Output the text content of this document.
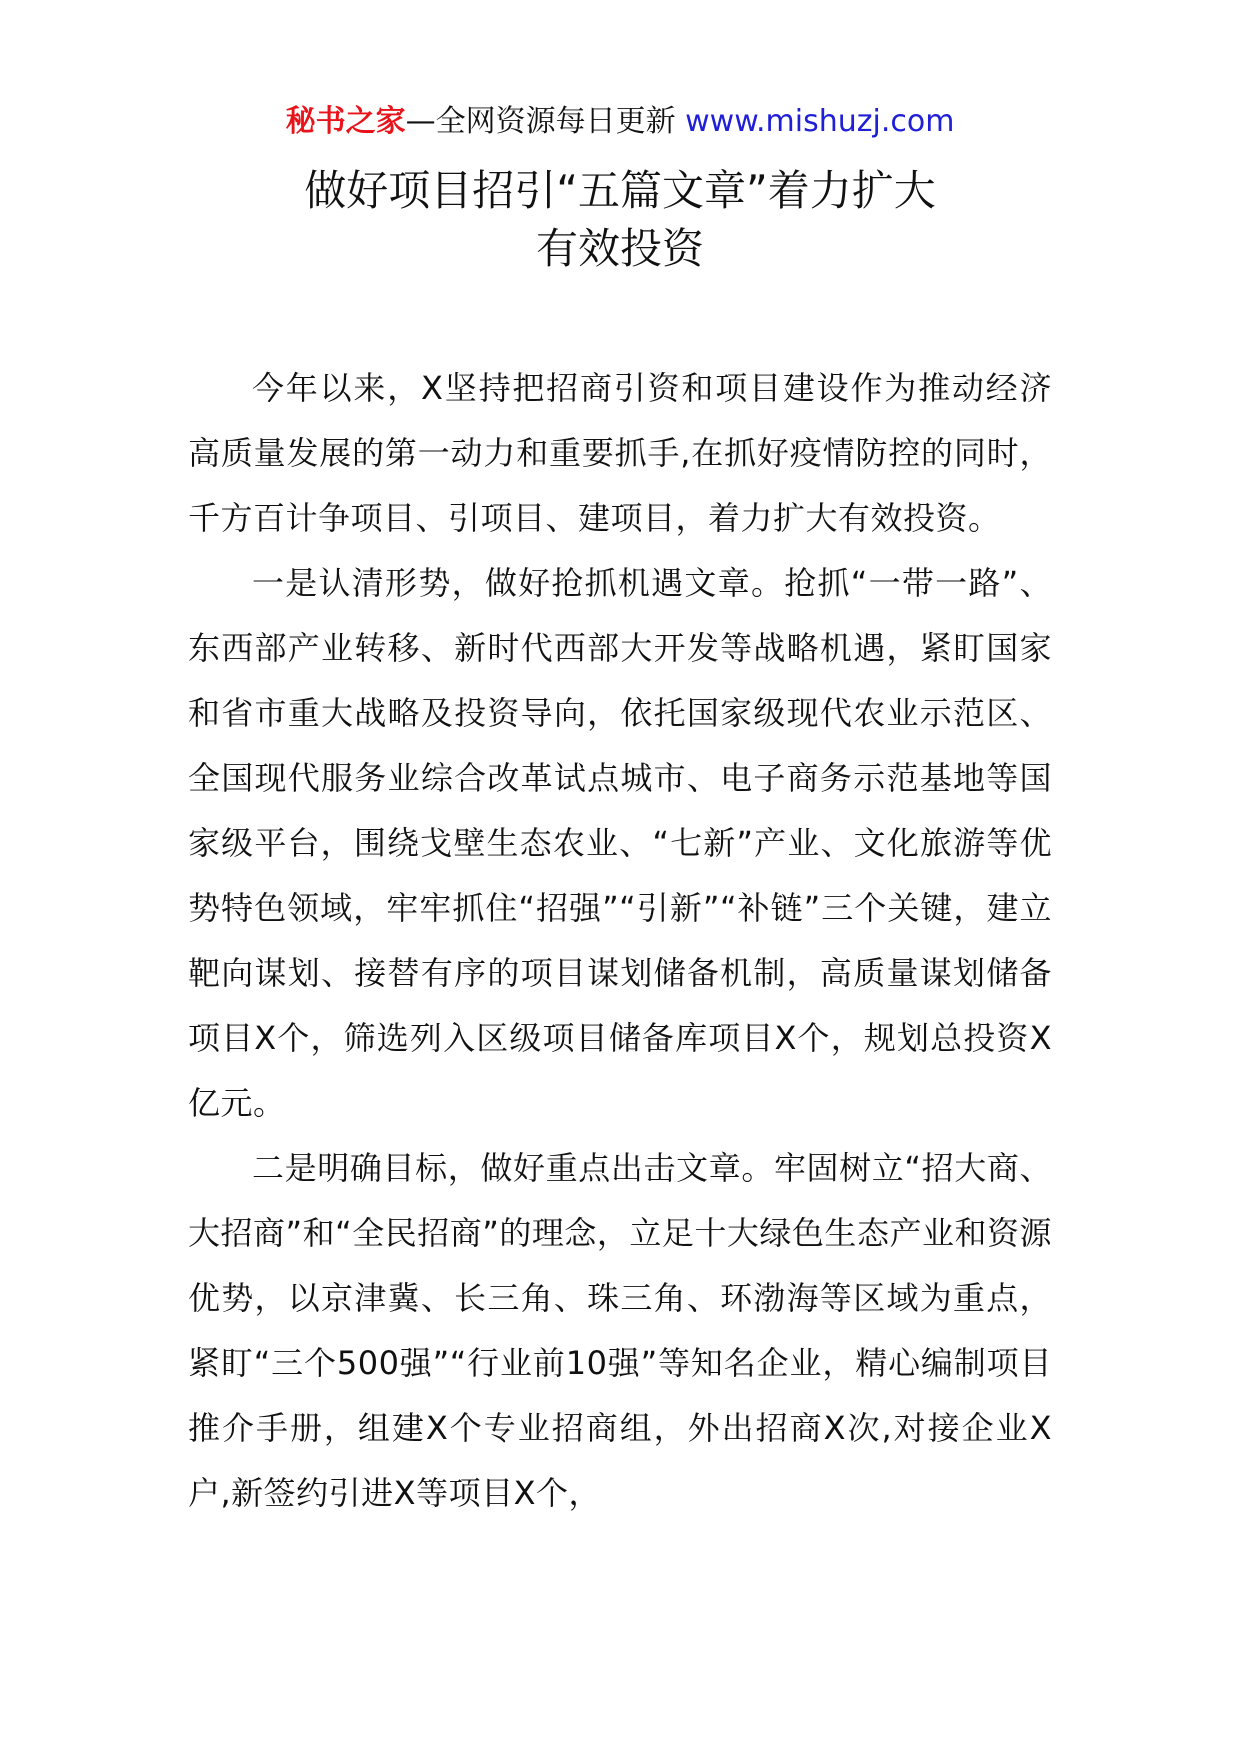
秘书之家—全网资源每日更新 www.mishuzj.com
做好项目招引“五篇文章”着力扩大
有效投资

今年以来，X坚持把招商引资和项目建设作为推动经济高质量发展的第一动力和重要抓手,在抓好疫情防控的同时，千方百计争项目、引项目、建项目，着力扩大有效投资。

一是认清形势，做好抢抓机遇文章。抢抓“一带一路”、东西部产业转移、新时代西部大开发等战略机遇，紧盯国家和省市重大战略及投资导向，依托国家级现代农业示范区、全国现代服务业综合改革试点城市、电子商务示范基地等国家级平台，围绕戈壁生态农业、“七新”产业、文化旅游等优势特色领域，牢牢抓住“招强”“引新”“补链”三个关键，建立靶向谋划、接替有序的项目谋划储备机制，高质量谋划储备项目X个，筛选列入区级项目储备库项目X个，规划总投资X亿元。

二是明确目标，做好重点出击文章。牢固树立“招大商、大招商”和“全民招商”的理念，立足十大绿色生态产业和资源优势，以京津冀、长三角、珠三角、环渤海等区域为重点，紧盯“三个500强”“行业前10强”等知名企业，精心编制项目推介手册，组建X个专业招商组，外出招商X次,对接企业X户,新签约引进X等项目X个，
